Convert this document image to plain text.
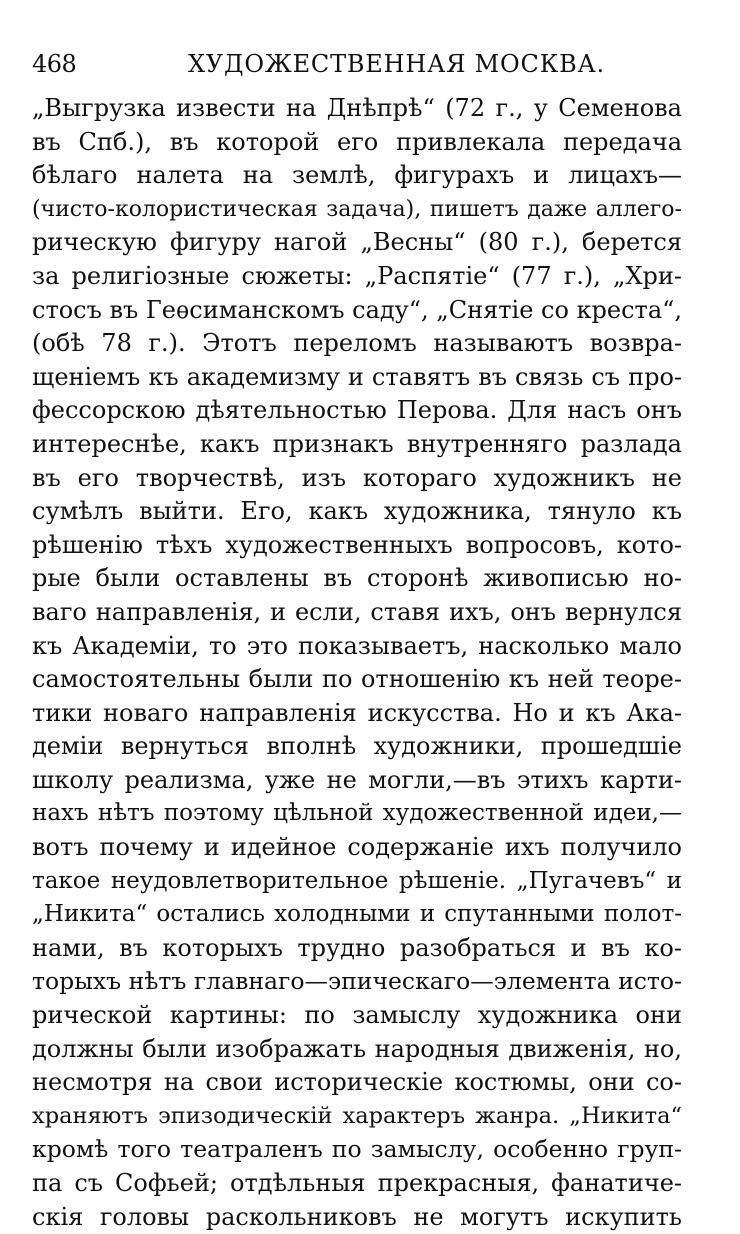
468	ХУДОЖЕСТВЕННАЯ МОСКВА.
„Выгрузка извести на Днѣпрѣ“ (72 г., у Семенова
въ Спб.), въ которой его привлекала передача
бѣлаго налета на землѣ, фигурахъ и лицахъ—
(чисто-колористическая задача), пишетъ даже аллего-
рическую фигуру нагой „Весны“ (80 г.), берется
за религіозные сюжеты: „Распятіе“ (77 г.), „Хри-
стосъ въ Геѳсиманскомъ саду“, „Снятіе со креста“,
(обѣ 78 г.). Этотъ переломъ называютъ возвра-
щеніемъ къ академизму и ставятъ въ связь съ про-
фессорскою дѣятельностью Перова. Для насъ онъ
интереснѣе, какъ признакъ внутренняго разлада
въ его творчествѣ, изъ котораго художникъ не
сумѣлъ выйти. Его, какъ художника, тянуло къ
рѣшенію тѣхъ художественныхъ вопросовъ, кото-
рые были оставлены въ сторонѣ живописью но-
ваго направленія, и если, ставя ихъ, онъ вернулся
къ Академіи, то это показываетъ, насколько мало
самостоятельны были по отношенію къ ней теоре-
тики новаго направленія искусства. Но и къ Ака-
деміи вернуться вполнѣ художники, прошедшіе
школу реализма, уже не могли,—въ этихъ карти-
нахъ нѣтъ поэтому цѣльной художественной идеи,—
вотъ почему и идейное содержаніе ихъ получило
такое неудовлетворительное рѣшеніе. „Пугачевъ“ и
„Никита“ остались холодными и спутанными полот-
нами, въ которыхъ трудно разобраться и въ ко-
торыхъ нѣтъ главнаго—эпическаго—элемента исто-
рической картины: по замыслу художника они
должны были изображать народныя движенія, но,
несмотря на свои историческіе костюмы, они со-
храняютъ эпизодическій характеръ жанра. „Никита“
кромѣ того театраленъ по замыслу, особенно груп-
па съ Софьей; отдѣльныя прекрасныя, фанатиче-
скія головы раскольниковъ не могутъ искупить
